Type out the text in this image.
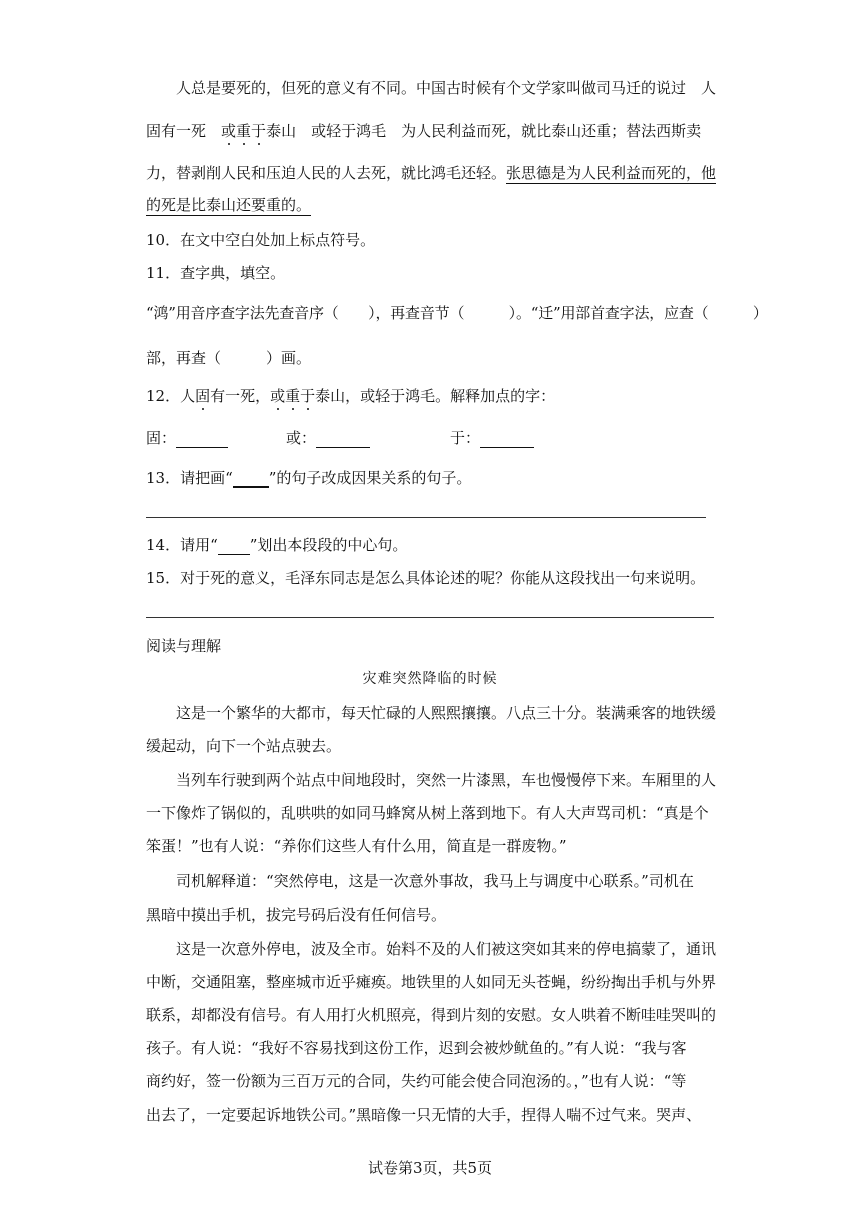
人总是要死的，但死的意义有不同。中国古时候有个文学家叫做司马迁的说过　人
固有一死　或重于泰山　或轻于鸿毛　为人民利益而死，就比泰山还重；替法西斯卖
力，替剥削人民和压迫人民的人去死，就比鸿毛还轻。张思德是为人民利益而死的，他
的死是比泰山还要重的。
10．在文中空白处加上标点符号。
11．查字典，填空。
“鸿”用音序查字法先查音序（　　），再查音节（　　　）。“迁”用部首查字法，应查（　　　）
部，再查（　　　）画。
12．人固有一死，或重于泰山，或轻于鸿毛。解释加点的字：
固：	或：	于：
13．请把画“ ”的句子改成因果关系的句子。
14．请用“ ”划出本段段的中心句。
15．对于死的意义，毛泽东同志是怎么具体论述的呢？你能从这段找出一句来说明。
阅读与理解
灾难突然降临的时候
这是一个繁华的大都市，每天忙碌的人熙熙攘攘。八点三十分。装满乘客的地铁缓
缓起动，向下一个站点驶去。
当列车行驶到两个站点中间地段时，突然一片漆黑，车也慢慢停下来。车厢里的人
一下像炸了锅似的，乱哄哄的如同马蜂窝从树上落到地下。有人大声骂司机：“真是个
笨蛋！”也有人说：“养你们这些人有什么用，简直是一群废物。”
司机解释道：“突然停电，这是一次意外事故，我马上与调度中心联系。”司机在
黑暗中摸出手机，拔完号码后没有任何信号。
这是一次意外停电，波及全市。始料不及的人们被这突如其来的停电搞蒙了，通讯
中断，交通阻塞，整座城市近乎瘫痪。地铁里的人如同无头苍蝇，纷纷掏出手机与外界
联系，却都没有信号。有人用打火机照亮，得到片刻的安慰。女人哄着不断哇哇哭叫的
孩子。有人说：“我好不容易找到这份工作，迟到会被炒鱿鱼的。”有人说：“我与客
商约好，签一份额为三百万元的合同，失约可能会使合同泡汤的。，”也有人说：“等
出去了，一定要起诉地铁公司。”黑暗像一只无情的大手，捏得人喘不过气来。哭声、
试卷第3页，共5页
